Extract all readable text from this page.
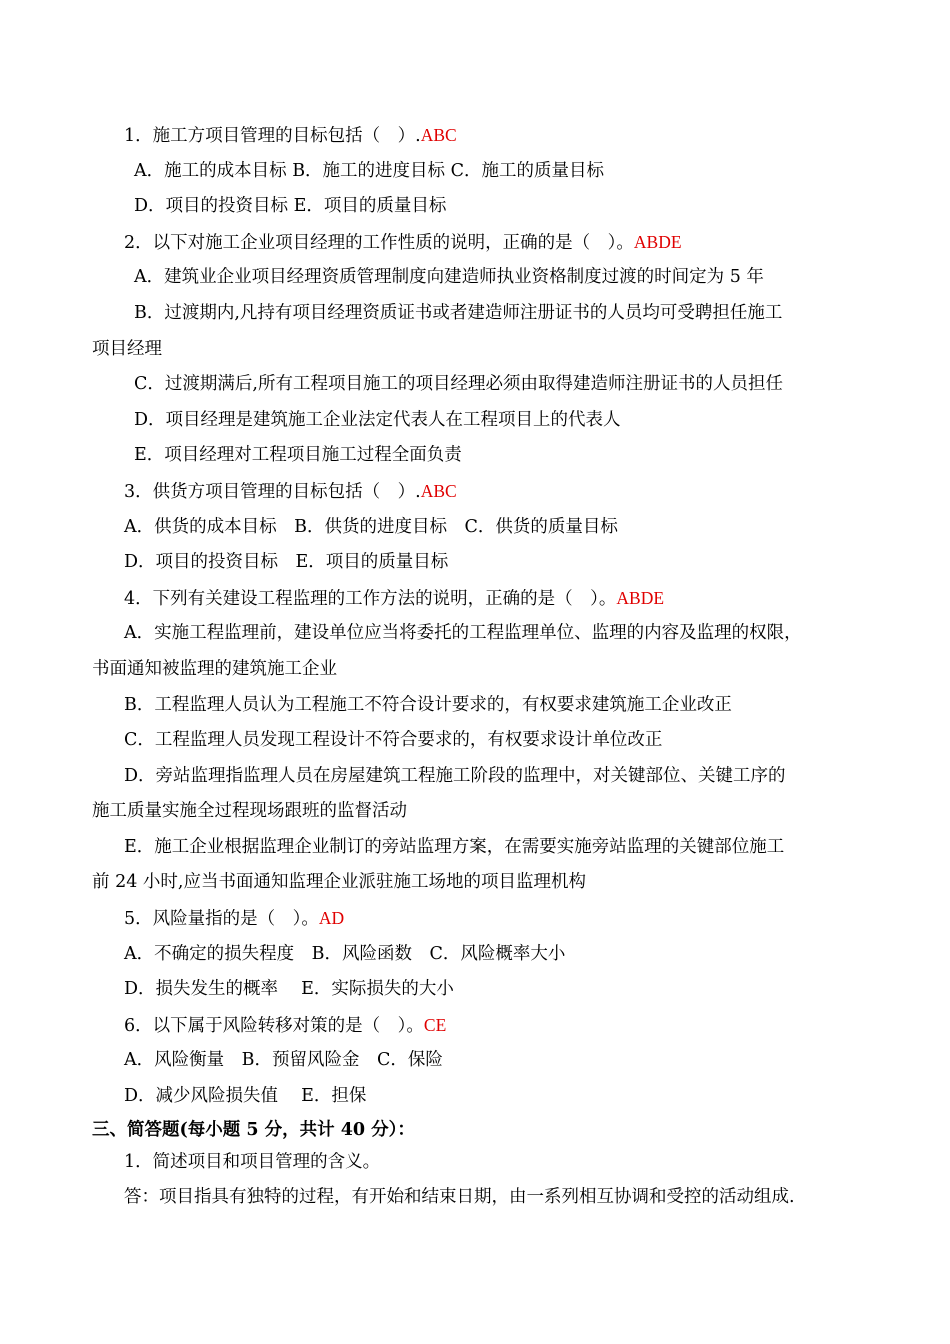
1．施工方项目管理的目标包括（　）.ABC
A．施工的成本目标 B．施工的进度目标 C．施工的质量目标
D．项目的投资目标 E．项目的质量目标
2．以下对施工企业项目经理的工作性质的说明，正确的是（　）。ABDE
A．建筑业企业项目经理资质管理制度向建造师执业资格制度过渡的时间定为 5 年
B．过渡期内,凡持有项目经理资质证书或者建造师注册证书的人员均可受聘担任施工
项目经理
C．过渡期满后,所有工程项目施工的项目经理必须由取得建造师注册证书的人员担任
D．项目经理是建筑施工企业法定代表人在工程项目上的代表人
E．项目经理对工程项目施工过程全面负责
3．供货方项目管理的目标包括（　）.ABC
A．供货的成本目标　B．供货的进度目标　C．供货的质量目标
D．项目的投资目标　E．项目的质量目标
4．下列有关建设工程监理的工作方法的说明，正确的是（　）。ABDE
A．实施工程监理前，建设单位应当将委托的工程监理单位、监理的内容及监理的权限，
书面通知被监理的建筑施工企业
B．工程监理人员认为工程施工不符合设计要求的，有权要求建筑施工企业改正
C．工程监理人员发现工程设计不符合要求的，有权要求设计单位改正
D．旁站监理指监理人员在房屋建筑工程施工阶段的监理中，对关键部位、关键工序的
施工质量实施全过程现场跟班的监督活动
E．施工企业根据监理企业制订的旁站监理方案，在需要实施旁站监理的关键部位施工
前 24 小时,应当书面通知监理企业派驻施工场地的项目监理机构
5．风险量指的是（　）。AD
A．不确定的损失程度　B．风险函数　C．风险概率大小
D．损失发生的概率　 E．实际损失的大小
6．以下属于风险转移对策的是（　）。CE
A．风险衡量　B．预留风险金　C．保险
D．减少风险损失值　 E．担保
三、简答题(每小题 5 分，共计 40 分）：
1．简述项目和项目管理的含义。
答：项目指具有独特的过程，有开始和结束日期，由一系列相互协调和受控的活动组成.
